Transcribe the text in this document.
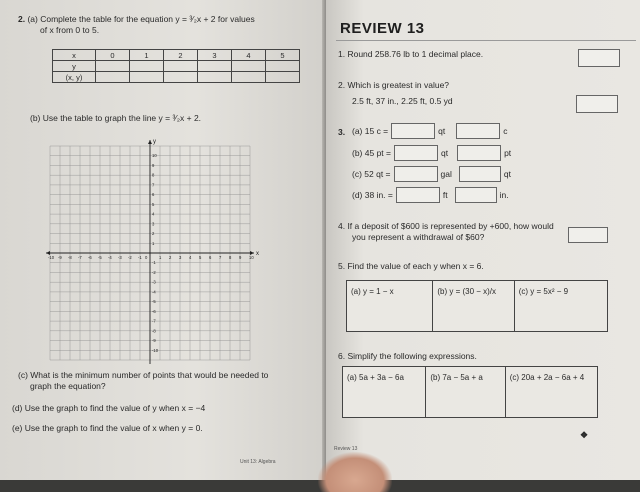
2. (a) Complete the table for the equation y = ³⁄₂x + 2 for values
of x from 0 to 5.
x	0	1	2	3	4	5
y						
(x, y)						
(b) Use the table to graph the line y = ³⁄₂x + 2.
x
y
-10 -9 -8 -7 -6 -5 -4 -3 -2 -1	1 2 3 4 5 6 7 8 9 10
10
9
8
7
6
5
4
3
2
1
-1
-2
-3
-4
-5
-6
-7
-8
-9
-10
0
(c) What is the minimum number of points that would be needed to
graph the equation?
(d) Use the graph to find the value of y when x = −4
(e) Use the graph to find the value of x when y = 0.
Unit 13: Algebra
REVIEW 13
1. Round 258.76 lb to 1 decimal place.
2. Which is greatest in value?
2.5 ft, 37 in., 2.25 ft, 0.5 yd
3. (a) 15 c =	qt	c
(b) 45 pt =	qt	pt
(c) 52 qt =	gal	qt
(d) 38 in. =	ft	in.
4. If a deposit of $600 is represented by +600, how would
you represent a withdrawal of $60?
5. Find the value of each y when x = 6.
(a) y = 1 − x	(b) y = (30 − x)/x	(c) y = 5x² − 9
6. Simplify the following expressions.
(a) 5a + 3a − 6a	(b) 7a − 5a + a	(c) 20a + 2a − 6a + 4
Review 13
❖
